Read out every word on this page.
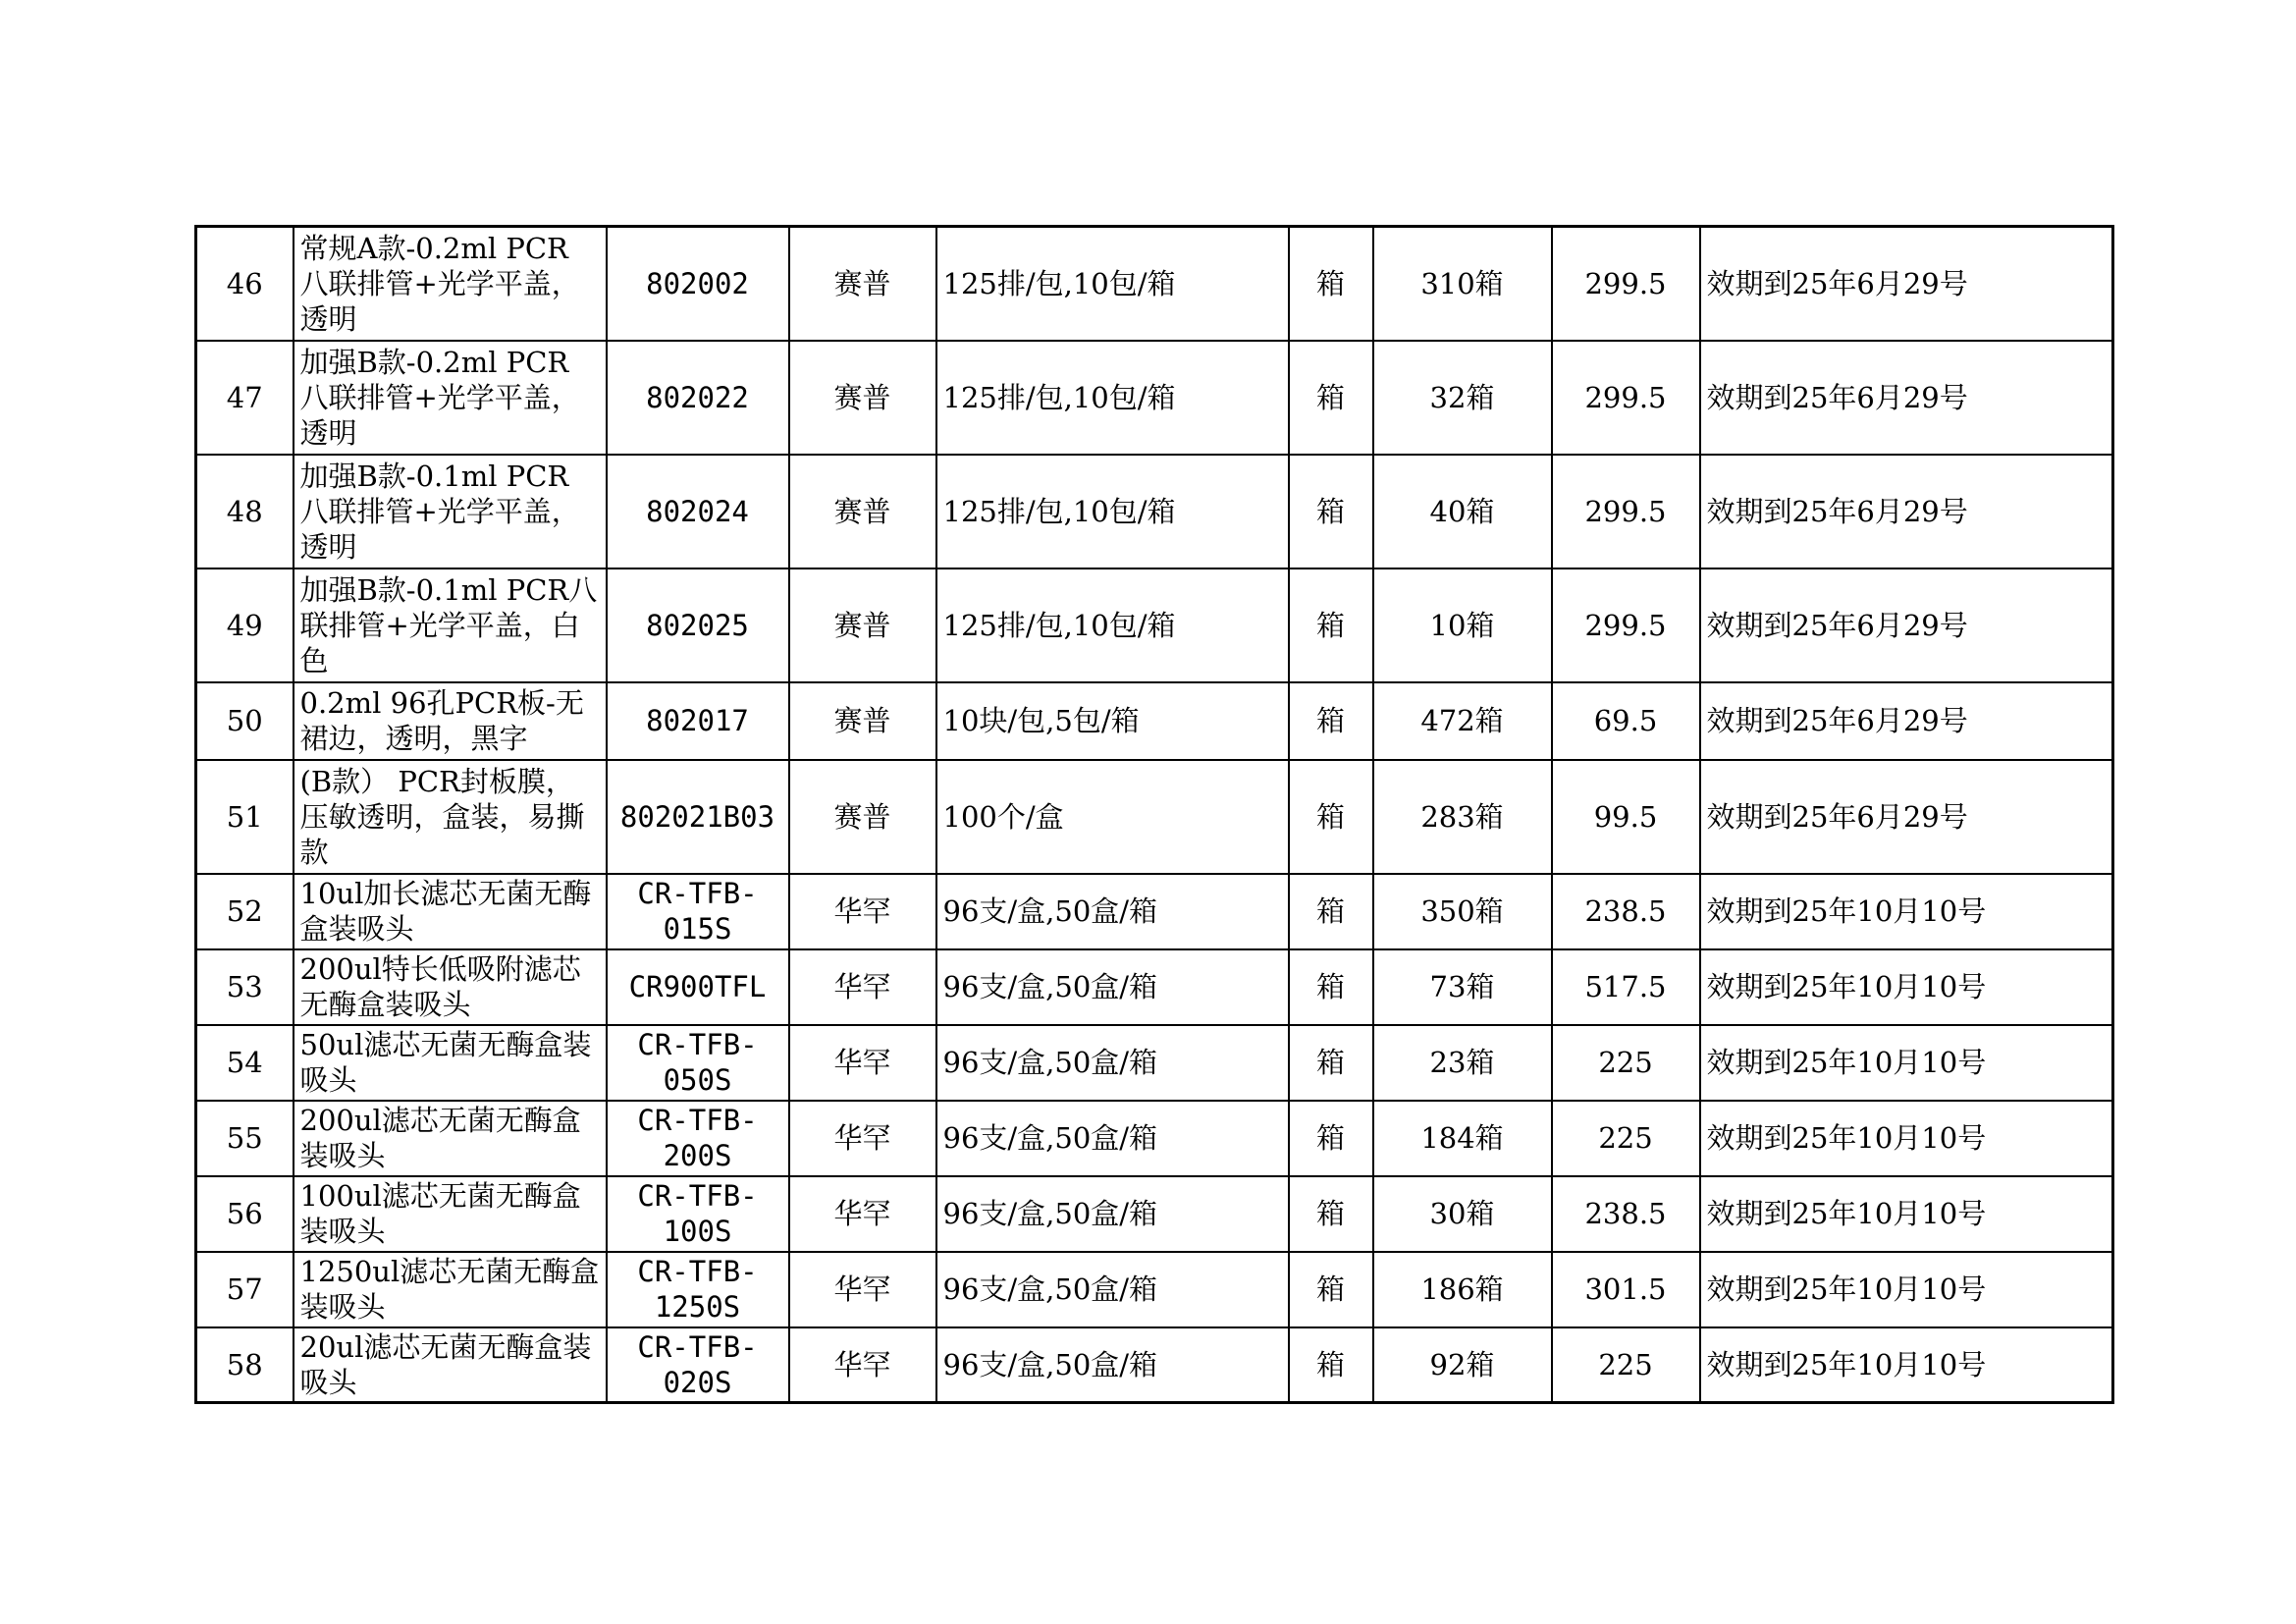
46	常规A款-0.2ml PCR 八联排管+光学平盖，透明	802002	赛普	125排/包,10包/箱	箱	310箱	299.5	效期到25年6月29号
47	加强B款-0.2ml PCR 八联排管+光学平盖，透明	802022	赛普	125排/包,10包/箱	箱	32箱	299.5	效期到25年6月29号
48	加强B款-0.1ml PCR 八联排管+光学平盖，透明	802024	赛普	125排/包,10包/箱	箱	40箱	299.5	效期到25年6月29号
49	加强B款-0.1ml PCR八联排管+光学平盖，白色	802025	赛普	125排/包,10包/箱	箱	10箱	299.5	效期到25年6月29号
50	0.2ml 96孔PCR板-无裙边，透明，黑字	802017	赛普	10块/包,5包/箱	箱	472箱	69.5	效期到25年6月29号
51	(B款） PCR封板膜，压敏透明，盒装，易撕款	802021B03	赛普	100个/盒	箱	283箱	99.5	效期到25年6月29号
52	10ul加长滤芯无菌无酶盒装吸头	CR-TFB-015S	华罕	96支/盒,50盒/箱	箱	350箱	238.5	效期到25年10月10号
53	200ul特长低吸附滤芯无酶盒装吸头	CR900TFL	华罕	96支/盒,50盒/箱	箱	73箱	517.5	效期到25年10月10号
54	50ul滤芯无菌无酶盒装吸头	CR-TFB-050S	华罕	96支/盒,50盒/箱	箱	23箱	225	效期到25年10月10号
55	200ul滤芯无菌无酶盒装吸头	CR-TFB-200S	华罕	96支/盒,50盒/箱	箱	184箱	225	效期到25年10月10号
56	100ul滤芯无菌无酶盒装吸头	CR-TFB-100S	华罕	96支/盒,50盒/箱	箱	30箱	238.5	效期到25年10月10号
57	1250ul滤芯无菌无酶盒装吸头	CR-TFB-1250S	华罕	96支/盒,50盒/箱	箱	186箱	301.5	效期到25年10月10号
58	20ul滤芯无菌无酶盒装吸头	CR-TFB-020S	华罕	96支/盒,50盒/箱	箱	92箱	225	效期到25年10月10号
